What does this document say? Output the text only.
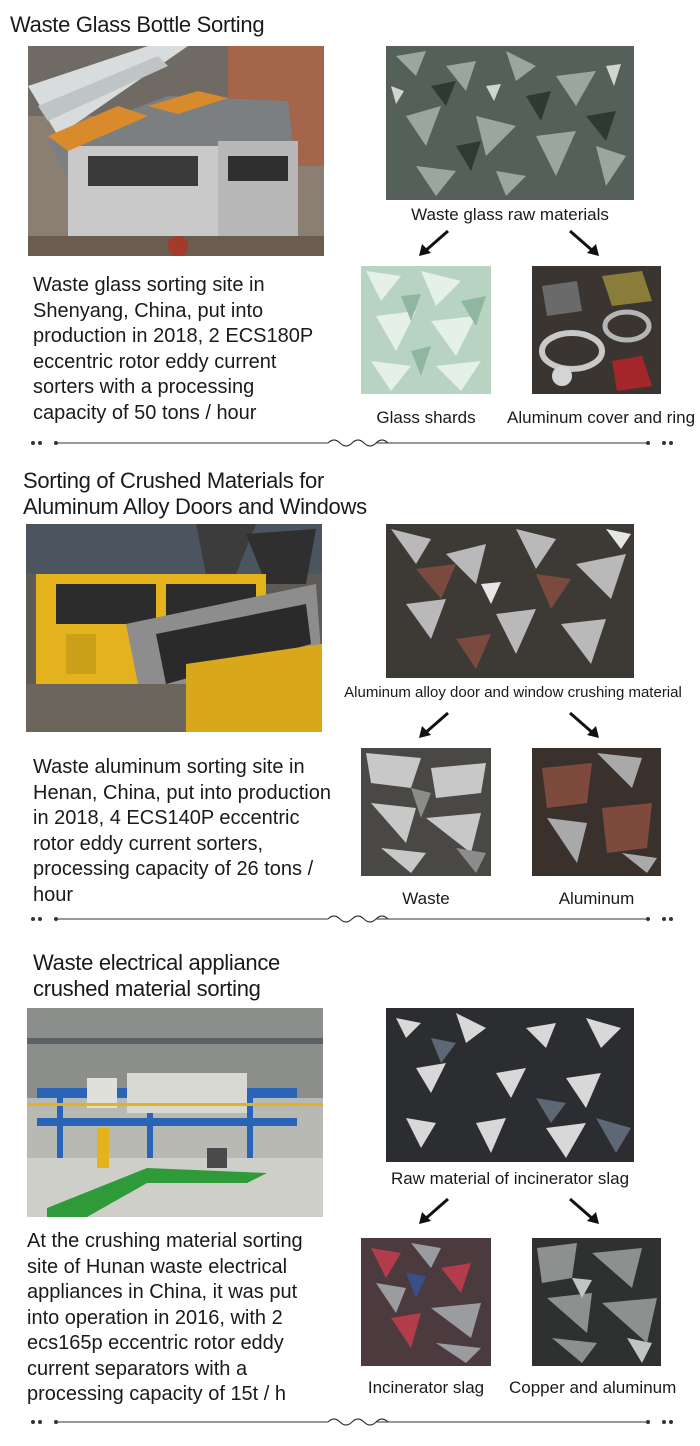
Waste Glass Bottle Sorting
Waste glass raw materials
Waste glass sorting site in Shenyang, China, put into production in 2018, 2 ECS180P eccentric rotor eddy current sorters with a processing capacity of 50 tons / hour	Glass shards	Aluminum cover and ring
Sorting of Crushed Materials for
Aluminum Alloy Doors and Windows
Aluminum alloy door and window crushing material
Waste aluminum sorting site in Henan, China, put into production in 2018, 4 ECS140P eccentric rotor eddy current sorters, processing capacity of 26 tons / hour	Waste	Aluminum
Waste electrical appliance
crushed material sorting
Raw material of incinerator slag
At the crushing material sorting site of Hunan waste electrical appliances in China, it was put into operation in 2016, with 2 ecs165p eccentric rotor eddy current separators with a processing capacity of 15t / h	Incinerator slag	Copper and aluminum
